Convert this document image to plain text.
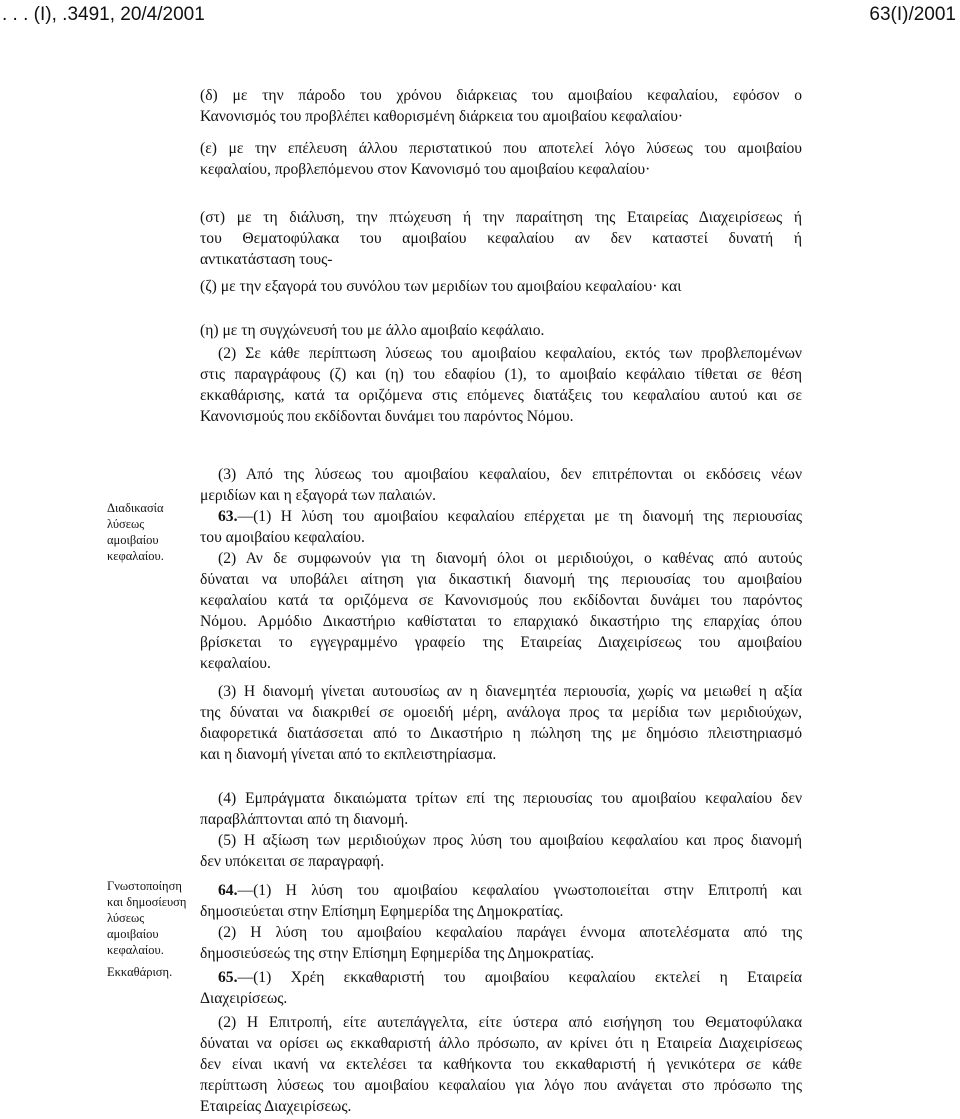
. . . (I), .3491, 20/4/2001	63(I)/2001

(δ) με την πάροδο του χρόνου διάρκειας του αμοιβαίου κεφαλαίου, εφόσον ο

Κανονισμός του προβλέπει καθορισμένη διάρκεια του αμοιβαίου κεφαλαίου·

(ε) με την επέλευση άλλου περιστατικού που αποτελεί λόγο λύσεως του αμοιβαίου

κεφαλαίου, προβλεπόμενου στον Κανονισμό του αμοιβαίου κεφαλαίου·

(στ) με τη διάλυση, την πτώχευση ή την παραίτηση της Εταιρείας Διαχειρίσεως ή

του Θεματοφύλακα του αμοιβαίου κεφαλαίου αν δεν καταστεί δυνατή ή

αντικατάσταση τους-

(ζ) με την εξαγορά του συνόλου των μεριδίων του αμοιβαίου κεφαλαίου· και

(η) με τη συγχώνευσή του με άλλο αμοιβαίο κεφάλαιο.

(2) Σε κάθε περίπτωση λύσεως του αμοιβαίου κεφαλαίου, εκτός των προβλεπομένων

στις παραγράφους (ζ) και (η) του εδαφίου (1), το αμοιβαίο κεφάλαιο τίθεται σε θέση

εκκαθάρισης, κατά τα οριζόμενα στις επόμενες διατάξεις του κεφαλαίου αυτού και σε

Κανονισμούς που εκδίδονται δυνάμει του παρόντος Νόμου.

(3) Από της λύσεως του αμοιβαίου κεφαλαίου, δεν επιτρέπονται οι εκδόσεις νέων

μεριδίων και η εξαγορά των παλαιών.

Διαδικασία
λύσεως
αμοιβαίου
κεφαλαίου.

63.—(1) Η λύση του αμοιβαίου κεφαλαίου επέρχεται με τη διανομή της περιουσίας

του αμοιβαίου κεφαλαίου.

(2) Αν δε συμφωνούν για τη διανομή όλοι οι μεριδιούχοι, ο καθένας από αυτούς

δύναται να υποβάλει αίτηση για δικαστική διανομή της περιουσίας του αμοιβαίου

κεφαλαίου κατά τα οριζόμενα σε Κανονισμούς που εκδίδονται δυνάμει του παρόντος

Νόμου. Αρμόδιο Δικαστήριο καθίσταται το επαρχιακό δικαστήριο της επαρχίας όπου

βρίσκεται το εγγεγραμμένο γραφείο της Εταιρείας Διαχειρίσεως του αμοιβαίου

κεφαλαίου.

(3) Η διανομή γίνεται αυτουσίως αν η διανεμητέα περιουσία, χωρίς να μειωθεί η αξία

της δύναται να διακριθεί σε ομοειδή μέρη, ανάλογα προς τα μερίδια των μεριδιούχων,

διαφορετικά διατάσσεται από το Δικαστήριο η πώληση της με δημόσιο πλειστηριασμό

και η διανομή γίνεται από το εκπλειστηρίασμα.

(4) Εμπράγματα δικαιώματα τρίτων επί της περιουσίας του αμοιβαίου κεφαλαίου δεν

παραβλάπτονται από τη διανομή.

(5) Η αξίωση των μεριδιούχων προς λύση του αμοιβαίου κεφαλαίου και προς διανομή

δεν υπόκειται σε παραγραφή.

Γνωστοποίηση
και δημοσίευση
λύσεως
αμοιβαίου
κεφαλαίου.

64.—(1) Η λύση του αμοιβαίου κεφαλαίου γνωστοποιείται στην Επιτροπή και

δημοσιεύεται στην Επίσημη Εφημερίδα της Δημοκρατίας.

(2) Η λύση του αμοιβαίου κεφαλαίου παράγει έννομα αποτελέσματα από της

δημοσιεύσεώς της στην Επίσημη Εφημερίδα της Δημοκρατίας.

Εκκαθάριση.	65.—(1) Χρέη εκκαθαριστή του αμοιβαίου κεφαλαίου εκτελεί η Εταιρεία

Διαχειρίσεως.

(2) Η Επιτροπή, είτε αυτεπάγγελτα, είτε ύστερα από εισήγηση του Θεματοφύλακα

δύναται να ορίσει ως εκκαθαριστή άλλο πρόσωπο, αν κρίνει ότι η Εταιρεία Διαχειρίσεως

δεν είναι ικανή να εκτελέσει τα καθήκοντα του εκκαθαριστή ή γενικότερα σε κάθε

περίπτωση λύσεως του αμοιβαίου κεφαλαίου για λόγο που ανάγεται στο πρόσωπο της

Εταιρείας Διαχειρίσεως.
